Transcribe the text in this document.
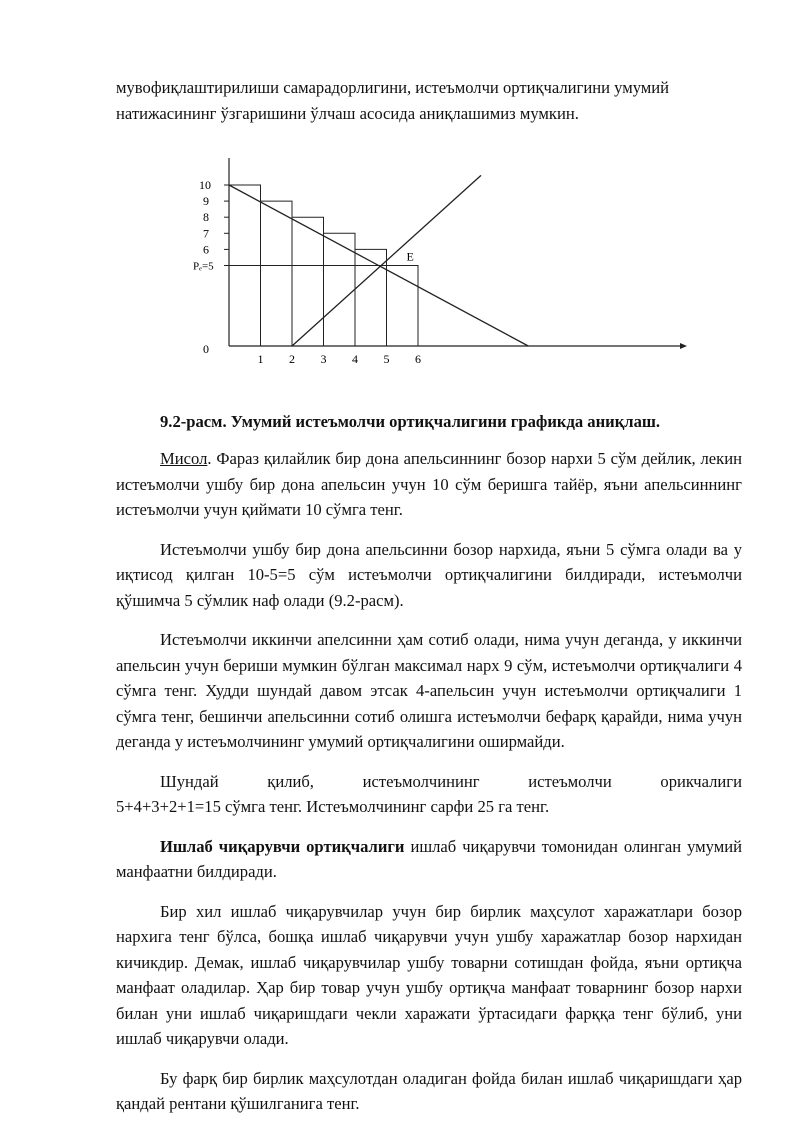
мувофиқлаштирилиши самарадорлигини, истеъмолчи ортиқчалигини умумий натижасининг ўзгаришини ўлчаш асосида аниқлашимиз мумкин.

0
6
7
8
9
10
Pₑ=5
1 2 3 4 5 6
E

9.2-расм. Умумий истеъмолчи ортиқчалигини графикда аниқлаш.

Мисол. Фараз қилайлик бир дона апельсиннинг бозор нархи 5 сўм дейлик, лекин истеъмолчи ушбу бир дона апельсин учун 10 сўм беришга тайёр, яъни апельсиннинг истеъмолчи учун қиймати 10 сўмга тенг.

Истеъмолчи ушбу бир дона апельсинни бозор нархида, яъни 5 сўмга олади ва у иқтисод қилган 10-5=5 сўм истеъмолчи ортиқчалигини билдиради, истеъмолчи қўшимча 5 сўмлик наф олади (9.2-расм).

Истеъмолчи иккинчи апелсинни ҳам сотиб олади, нима учун деганда, у иккинчи апельсин учун бериши мумкин бўлган максимал нарх 9 сўм, истеъмолчи ортиқчалиги 4 сўмга тенг. Худди шундай давом этсак 4-апельсин учун истеъмолчи ортиқчалиги 1 сўмга тенг, бешинчи апельсинни сотиб олишга истеъмолчи бефарқ қарайди, нима учун деганда у истеъмолчининг умумий ортиқчалигини оширмайди.

Шундай қилиб, истеъмолчининг истеъмолчи орикчалиги
5+4+3+2+1=15 сўмга тенг. Истеъмолчининг сарфи 25 га тенг.

Ишлаб чиқарувчи ортиқчалиги ишлаб чиқарувчи томонидан олинган умумий манфаатни билдиради.

Бир хил ишлаб чиқарувчилар учун бир бирлик маҳсулот харажатлари бозор нархига тенг бўлса, бошқа ишлаб чиқарувчи учун ушбу харажатлар бозор нархидан кичикдир. Демак, ишлаб чиқарувчилар ушбу товарни сотишдан фойда, яъни ортиқча манфаат оладилар. Ҳар бир товар учун ушбу ортиқча манфаат товарнинг бозор нархи билан уни ишлаб чиқаришдаги чекли харажати ўртасидаги фарққа тенг бўлиб, уни ишлаб чиқарувчи олади.

Бу фарқ бир бирлик маҳсулотдан оладиган фойда билан ишлаб чиқаришдаги ҳар қандай рентани қўшилганига тенг.
